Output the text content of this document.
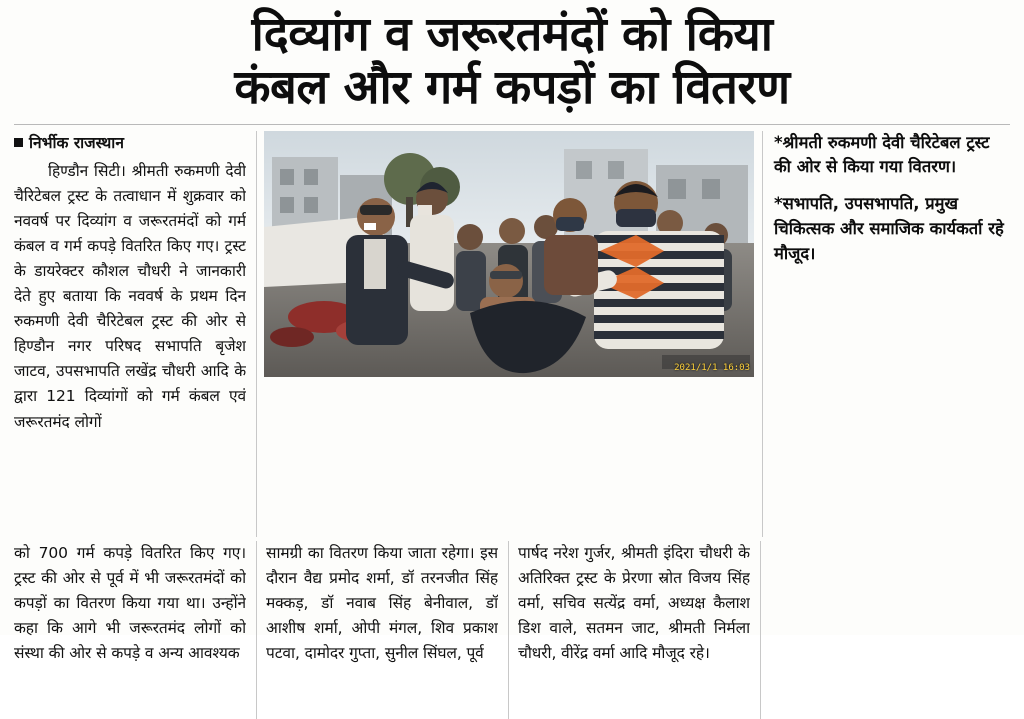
दिव्यांग व जरूरतमंदों को किया
कंबल और गर्म कपड़ों का वितरण
निर्भीक राजस्थान
हिण्डौन सिटी। श्रीमती रुकमणी देवी चैरिटेबल ट्रस्ट के तत्वाधान में शुक्रवार को नववर्ष पर दिव्यांग व जरूरतमंदों को गर्म कंबल व गर्म कपड़े वितरित किए गए। ट्रस्ट के डायरेक्टर कौशल चौधरी ने जानकारी देते हुए बताया कि नववर्ष के प्रथम दिन रुकमणी देवी चैरिटेबल ट्रस्ट की ओर से हिण्डौन नगर परिषद सभापति बृजेश जाटव, उपसभापति लखेंद्र चौधरी आदि के द्वारा 121 दिव्यांगों को गर्म कंबल एवं जरूरतमंद लोगों
2021/1/1 16:03
*श्रीमती रुकमणी देवी चैरिटेबल ट्रस्ट की ओर से किया गया वितरण।
*सभापति, उपसभापति, प्रमुख चिकित्सक और समाजिक कार्यकर्ता रहे मौजूद।
को 700 गर्म कपड़े वितरित किए गए। ट्रस्ट की ओर से पूर्व में भी जरूरतमंदों को कपड़ों का वितरण किया गया था। उन्होंने कहा कि आगे भी जरूरतमंद लोगों को संस्था की ओर से कपड़े व अन्य आवश्यक
सामग्री का वितरण किया जाता रहेगा। इस दौरान वैद्य प्रमोद शर्मा, डॉ तरनजीत सिंह मक्कड़, डॉ नवाब सिंह बेनीवाल, डॉ आशीष शर्मा, ओपी मंगल, शिव प्रकाश पटवा, दामोदर गुप्ता, सुनील सिंघल, पूर्व
पार्षद नरेश गुर्जर, श्रीमती इंदिरा चौधरी के अतिरिक्त ट्रस्ट के प्रेरणा स्रोत विजय सिंह वर्मा, सचिव सत्येंद्र वर्मा, अध्यक्ष कैलाश डिश वाले, सतमन जाट, श्रीमती निर्मला चौधरी, वीरेंद्र वर्मा आदि मौजूद रहे।
